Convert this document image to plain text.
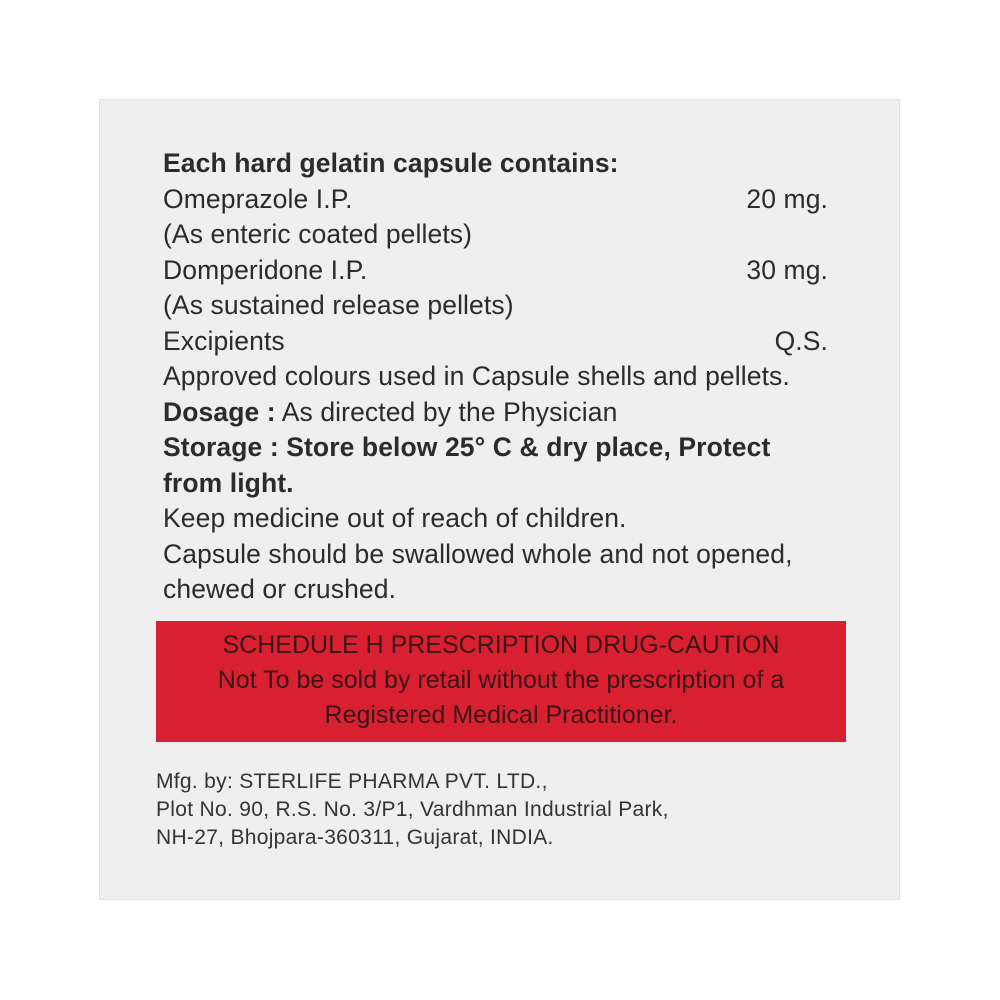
Each hard gelatin capsule contains:
Omeprazole I.P.	20 mg.
(As enteric coated pellets)
Domperidone I.P.	30 mg.
(As sustained release pellets)
Excipients	Q.S.
Approved colours used in Capsule shells and pellets.
Dosage : As directed by the Physician
Storage : Store below 25° C & dry place, Protect
from light.
Keep medicine out of reach of children.
Capsule should be swallowed whole and not opened,
chewed or crushed.
SCHEDULE H PRESCRIPTION DRUG-CAUTION
Not To be sold by retail without the prescription of a
Registered Medical Practitioner.
Mfg. by: STERLIFE PHARMA PVT. LTD.,
Plot No. 90, R.S. No. 3/P1, Vardhman Industrial Park,
NH-27, Bhojpara-360311, Gujarat, INDIA.
